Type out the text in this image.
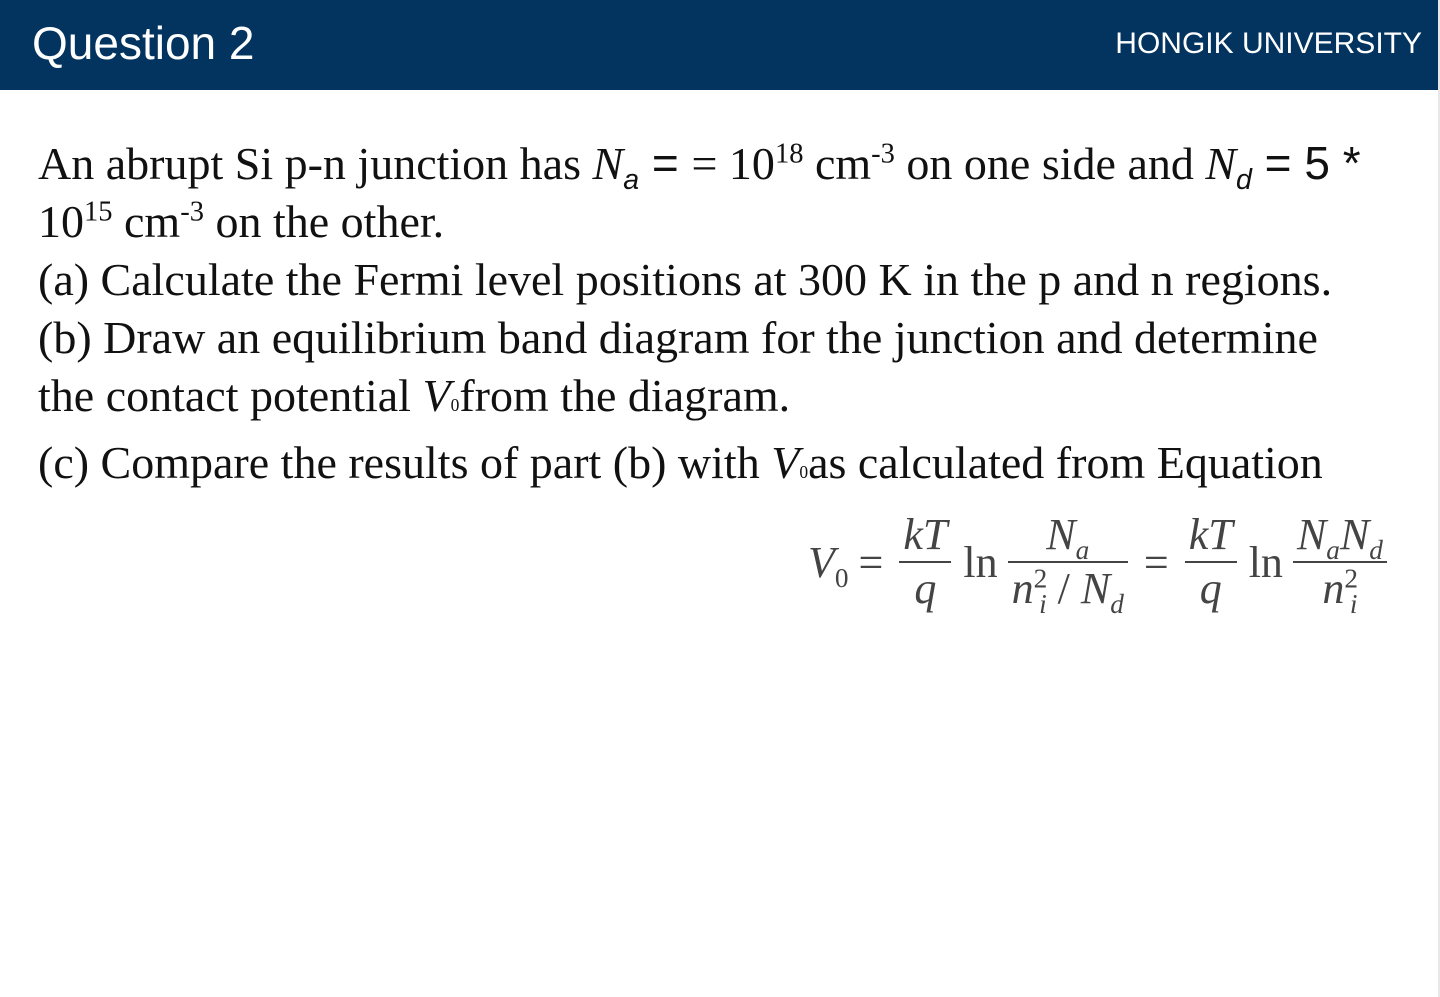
Question 2	HONGIK UNIVERSITY
An abrupt Si p-n junction has $N_a$ = = $10^{18}$ $cm^{-3}$ on one side and $N_d = 5$ *
$10^{15}$ $cm^{-3}$ on the other.
(a) Calculate the Fermi level positions at 300 K in the p and n regions.
(b) Draw an equilibrium band diagram for the junction and determine
the contact potential V0from the diagram.
(c) Compare the results of part (b) with V0as calculated from Equation
$V_0 = \frac{kT}{q}$ $\ln \frac{N_a}{n^2_i / N_d} = \frac{kT}{q}$ $\ln \frac{N_aN_d}{n^2_i}$
